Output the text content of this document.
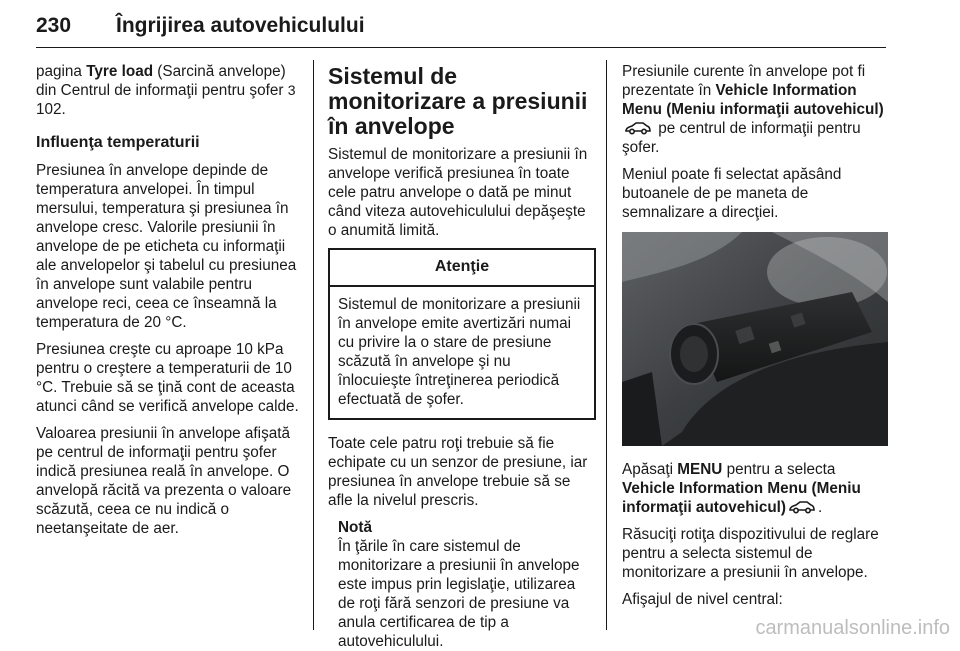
230 Îngrijirea autovehiculului

pagina Tyre load (Sarcină anvelope) din Centrul de informaţii pentru şofer 3 102.

Influenţa temperaturii

Presiunea în anvelope depinde de temperatura anvelopei. În timpul mersului, temperatura şi presiunea în anvelope cresc. Valorile presiunii în anvelope de pe eticheta cu informaţii ale anvelopelor şi tabelul cu presiunea în anvelope sunt valabile pentru anvelope reci, ceea ce înseamnă la temperatura de 20 °C.

Presiunea creşte cu aproape 10 kPa pentru o creştere a temperaturii de 10 °C. Trebuie să se ţină cont de aceasta atunci când se verifică anvelope calde.

Valoarea presiunii în anvelope afişată pe centrul de informaţii pentru şofer indică presiunea reală în anvelope. O anvelopă răcită va prezenta o valoare scăzută, ceea ce nu indică o neetanşeitate de aer.

Sistemul de monitorizare a presiunii în anvelope

Sistemul de monitorizare a presiunii în anvelope verifică presiunea în toate cele patru anvelope o dată pe minut când viteza autovehiculului depăşeşte o anumită limită.

Atenţie
Sistemul de monitorizare a presiunii în anvelope emite avertizări numai cu privire la o stare de presiune scăzută în anvelope şi nu înlocuieşte întreţinerea periodică efectuată de şofer.

Toate cele patru roţi trebuie să fie echipate cu un senzor de presiune, iar presiunea în anvelope trebuie să se afle la nivelul prescris.

Notă
În ţările în care sistemul de monitorizare a presiunii în anvelope este impus prin legislaţie, utilizarea de roţi fără senzori de presiune va anula certificarea de tip a autovehiculului.

Presiunile curente în anvelope pot fi prezentate în Vehicle Information Menu (Meniu informaţii autovehicul) pe centrul de informaţii pentru şofer.

Meniul poate fi selectat apăsând butoanele de pe maneta de semnalizare a direcţiei.

Apăsaţi MENU pentru a selecta Vehicle Information Menu (Meniu informaţii autovehicul) .

Răsuciţi rotiţa dispozitivului de reglare pentru a selecta sistemul de monitorizare a presiunii în anvelope.

Afişajul de nivel central:

carmanualsonline.info
